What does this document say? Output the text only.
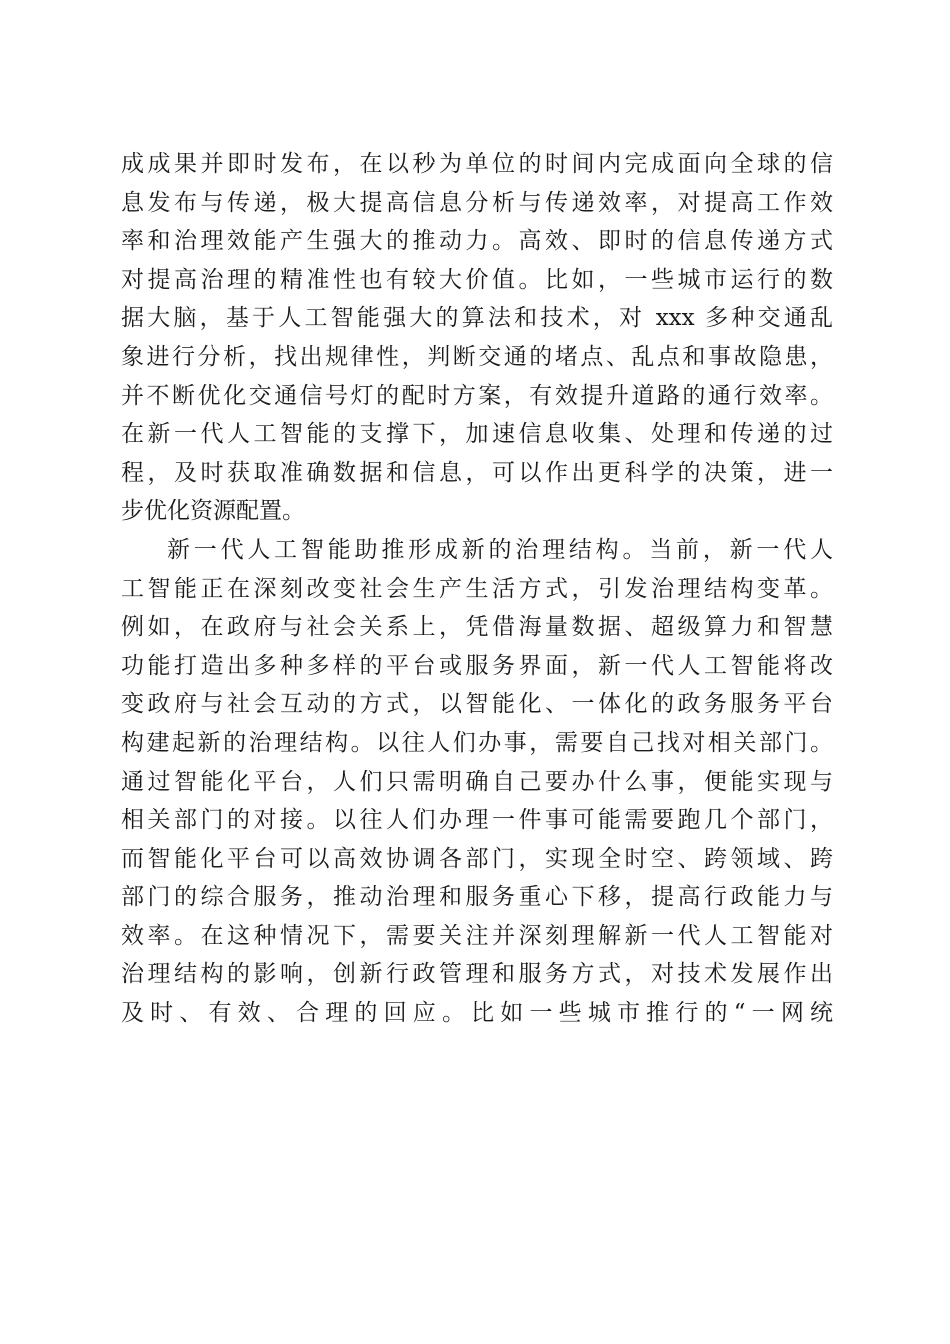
成成果并即时发布，在以秒为单位的时间内完成面向全球的信
息发布与传递，极大提高信息分析与传递效率，对提高工作效
率和治理效能产生强大的推动力。高效、即时的信息传递方式
对提高治理的精准性也有较大价值。比如，一些城市运行的数
据大脑，基于人工智能强大的算法和技术，对 xxx 多种交通乱
象进行分析，找出规律性，判断交通的堵点、乱点和事故隐患，
并不断优化交通信号灯的配时方案，有效提升道路的通行效率。
在新一代人工智能的支撑下，加速信息收集、处理和传递的过
程，及时获取准确数据和信息，可以作出更科学的决策，进一
步优化资源配置。
新一代人工智能助推形成新的治理结构。当前，新一代人
工智能正在深刻改变社会生产生活方式，引发治理结构变革。
例如，在政府与社会关系上，凭借海量数据、超级算力和智慧
功能打造出多种多样的平台或服务界面，新一代人工智能将改
变政府与社会互动的方式，以智能化、一体化的政务服务平台
构建起新的治理结构。以往人们办事，需要自己找对相关部门。
通过智能化平台，人们只需明确自己要办什么事，便能实现与
相关部门的对接。以往人们办理一件事可能需要跑几个部门，
而智能化平台可以高效协调各部门，实现全时空、跨领域、跨
部门的综合服务，推动治理和服务重心下移，提高行政能力与
效率。在这种情况下，需要关注并深刻理解新一代人工智能对
治理结构的影响，创新行政管理和服务方式，对技术发展作出
及时、有效、合理的回应。比如一些城市推行的“一网统
